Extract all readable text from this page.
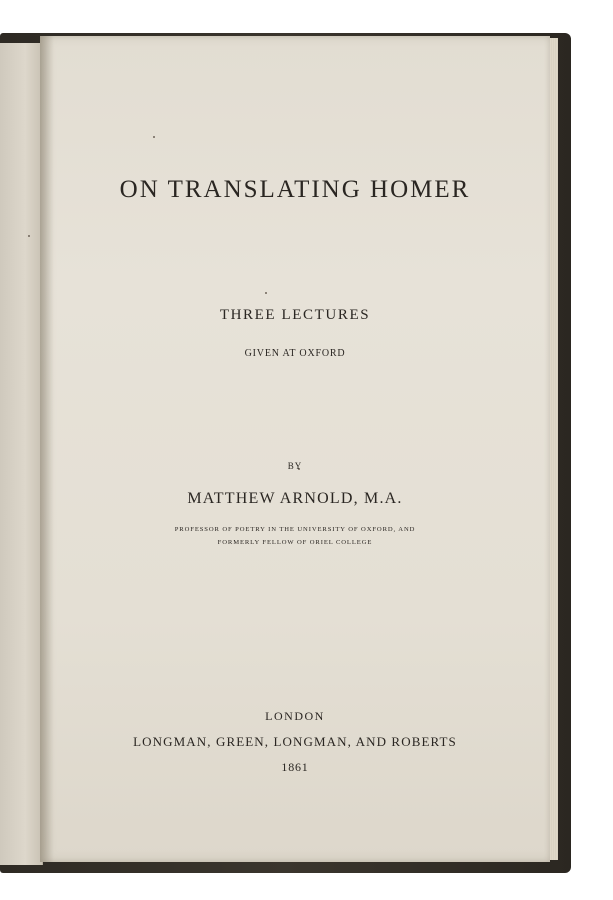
ON TRANSLATING HOMER
THREE LECTURES
GIVEN AT OXFORD
BY
MATTHEW ARNOLD, M.A.
PROFESSOR OF POETRY IN THE UNIVERSITY OF OXFORD, AND
FORMERLY FELLOW OF ORIEL COLLEGE
LONDON
LONGMAN, GREEN, LONGMAN, AND ROBERTS
1861
